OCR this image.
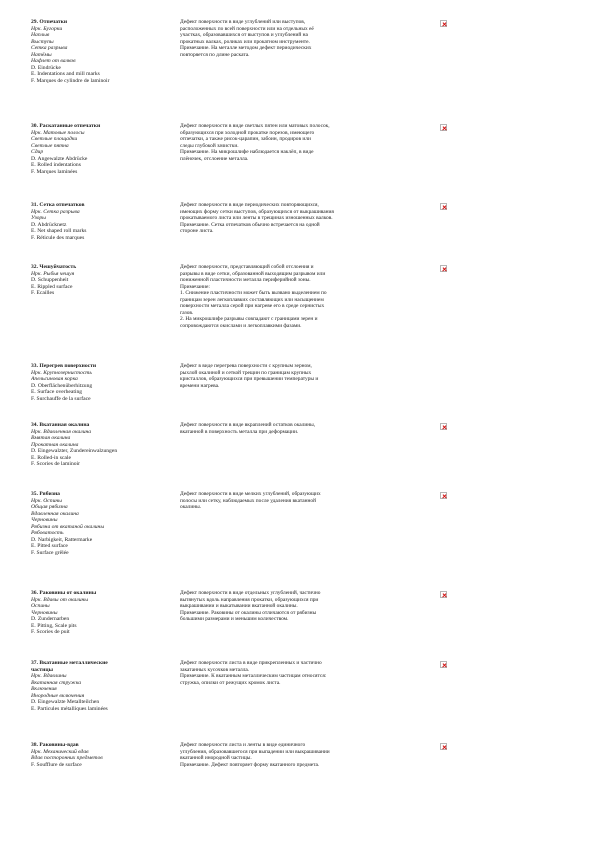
29. Отпечатки
Нрк. Бугорки
Наплыв
Выступы
Сетка разрыва
Натёмы
Нафлет от валков
D. Eindrücke
E. Indentations and mill marks
F. Marques de cylindre de laminoir
Дефект поверхности в виде углублений или выступов,
расположенных по всей поверхности или на отдельных её
участках, образовавшихся от выступов и углублений на
прокатных валках, роликах или прокатном инструменте.
Примечание. На металле методом дефект периодических
повторяется по длине раската.
30. Раскатанные отпечатки
Нрк. Матовые полосы
Светлые площадки
Светлые пятна
Сдир
D. Angewalzte Abdrücke
E. Rolled indentations
F. Marques laminées
Дефект поверхности в виде светлых пятен или матовых полосок,
образующихся при холодной прокатке порезов, имеющего
отпечатки, а также рисок-царапин, забоин, продиров или
следы глубокой зачистки.
Примечание. На микрошлифе наблюдается наклёп, в виде
плёночек, отслоение металла.
31. Сетка отпечатков
Нрк. Сетка разрыва
Узоры
D. Abdrücknetz
E. Net shaped roll marks
F. Réticule des marques
Дефект поверхности в виде периодических повторяющихся,
имеющих форму сетки выступов, образующихся от выкрашивания
прокатываемого листа или ленты в трещинах изношенных валков.
Примечание. Сетка отпечатков обычно встречается на одной
стороне листа.
32. Чешуйчатость
Нрк. Рыбья чешуя
D. Schuppenheit
E. Rippled surface
F. Écailles
Дефект поверхности, представляющий собой отслоения и
разрывы в виде сетки, образованной выходящим разрывом или
пониженной пластичности металла периферийной зоны.
Примечание:
1. Снижение пластичности может быть вызвано выделением по
границам зерен легкоплавких составляющих или насыщением
поверхности металла серой при нагреве его в среде сернистых
газов.
2. На микрошлифе разрывы совпадают с границами зерен и
сопровождаются окислами и легкоплавкими фазами.
33. Перегрев поверхности
Нрк. Крупнозернистость
Апельсиновая корка
D. Oberflächenüberhitzung
E. Surface overheating
F. Surchauffe de la surface
Дефект в виде перегрева поверхности с крупным зерном,
рыхлой окалиной и сеткой трещин по границам крупных
кристаллов, образующихся при превышении температуры и
времени нагрева.
34. Вкатанная окалина
Нрк. Вдавленная окалина
Вмятая окалина
Прокатная окалина
D. Eingewalzter, Zundereinwalzungen
E. Rolled-in scale
F. Scories de laminoir
Дефект поверхности в виде вкраплений остатков окалины,
вкатанной в поверхность металла при деформации.
35. Рябизна
Нрк. Оспины
Общая рябизна
Вдавленная окалина
Черновины
Рябизна от вкатаной окалины
Рябоватость
D. Narbigkeit, Rattermarke
E. Pitted surface
F. Surface grêlée
Дефект поверхности в виде мелких углублений, образующих
полосы или сетку, наблюдаемых после удаления вкатанной
окалины.
36. Раковины от окалины
Нрк. Вдавы от окалины
Оспины
Черновины
D. Zundernarben
E. Pitting, Scale pits
F. Scories de puit
Дефект поверхности в виде отдельных углублений, частично
вытянутых вдоль направления прокатки, образующихся при
выкрашивании и выкатывании вкатанной окалины.
Примечание. Раковины от окалины отличаются от рябизны
большими размерами и меньшим количеством.
37. Вкатанные металлические
частицы
Нрк. Вдавлины
Вкатанная стружка
Включения
Инородные включения
D. Eingewalzte Metallteilchen
E. Particules métalliques laminées
Дефект поверхности листа в виде прикрепленных и частично
закатанных кусочков металла.
Примечание. К вкатанным металлическим частицам относятся:
стружка, опилки от режущих кромок листа.
38. Раковины-вдав
Нрк. Механический вдав
Вдав посторонних предметов
F. Soufflure de surface
Дефект поверхности листа и ленты в виде единичного
углубления, образовавшегося при выпадении или выкрашивании
вкатанной инородной частицы.
Примечание. Дефект повторяет форму вкатанного предмета.
